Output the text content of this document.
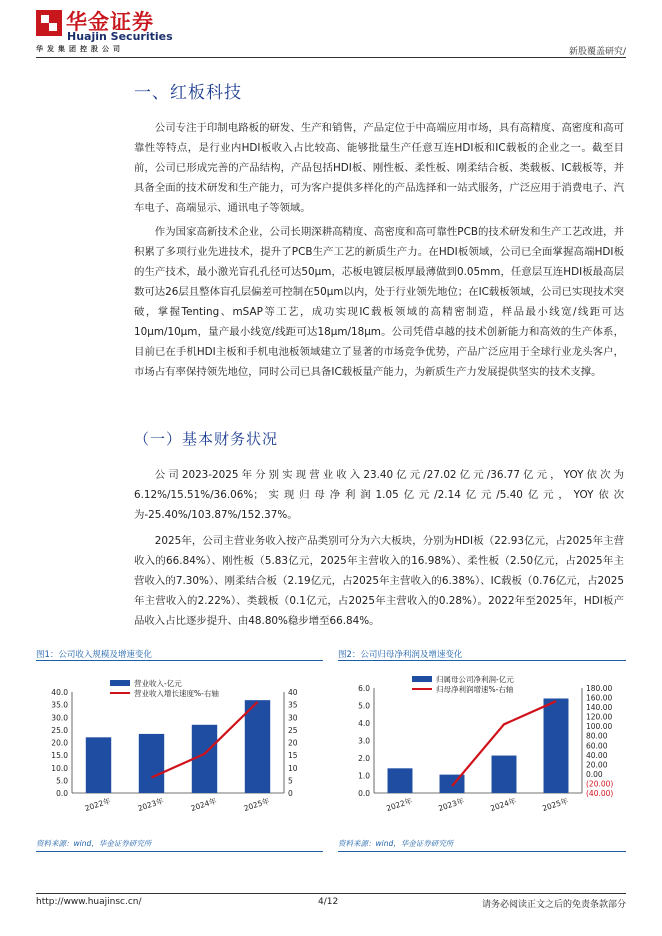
华金证券
Huajin Securities
华发集团控股公司	新股覆盖研究/
一、红板科技
公司专注于印制电路板的研发、生产和销售，产品定位于中高端应用市场，具有高精度、高密度和高可靠性等特点，是行业内HDI板收入占比较高、能够批量生产任意互连HDI板和IC载板的企业之一。截至目前，公司已形成完善的产品结构，产品包括HDI板、刚性板、柔性板、刚柔结合板、类载板、IC载板等，并具备全面的技术研发和生产能力，可为客户提供多样化的产品选择和一站式服务，广泛应用于消费电子、汽车电子、高端显示、通讯电子等领域。
作为国家高新技术企业，公司长期深耕高精度、高密度和高可靠性PCB的技术研发和生产工艺改进，并积累了多项行业先进技术，提升了PCB生产工艺的新质生产力。在HDI板领域，公司已全面掌握高端HDI板的生产技术，最小激光盲孔孔径可达50μm，芯板电镀层板厚最薄做到0.05mm，任意层互连HDI板最高层数可达26层且整体盲孔层偏差可控制在50μm以内，处于行业领先地位；在IC载板领域，公司已实现技术突破，掌握Tenting、mSAP等工艺，成功实现IC载板领域的高精密制造，样品最小线宽/线距可达10μm/10μm，量产最小线宽/线距可达18μm/18μm。公司凭借卓越的技术创新能力和高效的生产体系，目前已在手机HDI主板和手机电池板领域建立了显著的市场竞争优势，产品广泛应用于全球行业龙头客户，市场占有率保持领先地位，同时公司已具备IC载板量产能力，为新质生产力发展提供坚实的技术支撑。
（一）基本财务状况
公司2023-2025年分别实现营业收入23.40亿元/27.02亿元/36.77亿元，YOY依次为6.12%/15.51%/36.06%；实现归母净利润1.05亿元/2.14亿元/5.40亿元，YOY依次为-25.40%/103.87%/152.37%。
2025年，公司主营业务收入按产品类别可分为六大板块，分别为HDI板（22.93亿元，占2025年主营收入的66.84%）、刚性板（5.83亿元，2025年主营收入的16.98%）、柔性板（2.50亿元，占2025年主营收入的7.30%）、刚柔结合板（2.19亿元，占2025年主营收入的6.38%）、IC载板（0.76亿元，占2025年主营收入的2.22%）、类载板（0.1亿元，占2025年主营收入的0.28%）。2022年至2025年，HDI板产品收入占比逐步提升、由48.80%稳步增至66.84%。
图1：公司收入规模及增速变化
40.0
35.0
30.0
25.0
20.0
15.0
10.0
5.0
0.0
40
35
30
25
20
15
10
5
0
2022年	2023年	2024年	2025年
营业收入-亿元
营业收入增长速度%-右轴
资料来源：wind，华金证券研究所
图2：公司归母净利润及增速变化
6.0
5.0
4.0
3.0
2.0
1.0
0.0
180.00
160.00
140.00
120.00
100.00
80.00
60.00
40.00
20.00
0.00
(20.00)
(40.00)
2022年	2023年	2024年	2025年
归属母公司净利润-亿元
归母净利润增速%-右轴
资料来源：wind，华金证券研究所
http://www.huajinsc.cn/	4/12	请务必阅读正文之后的免责条款部分
